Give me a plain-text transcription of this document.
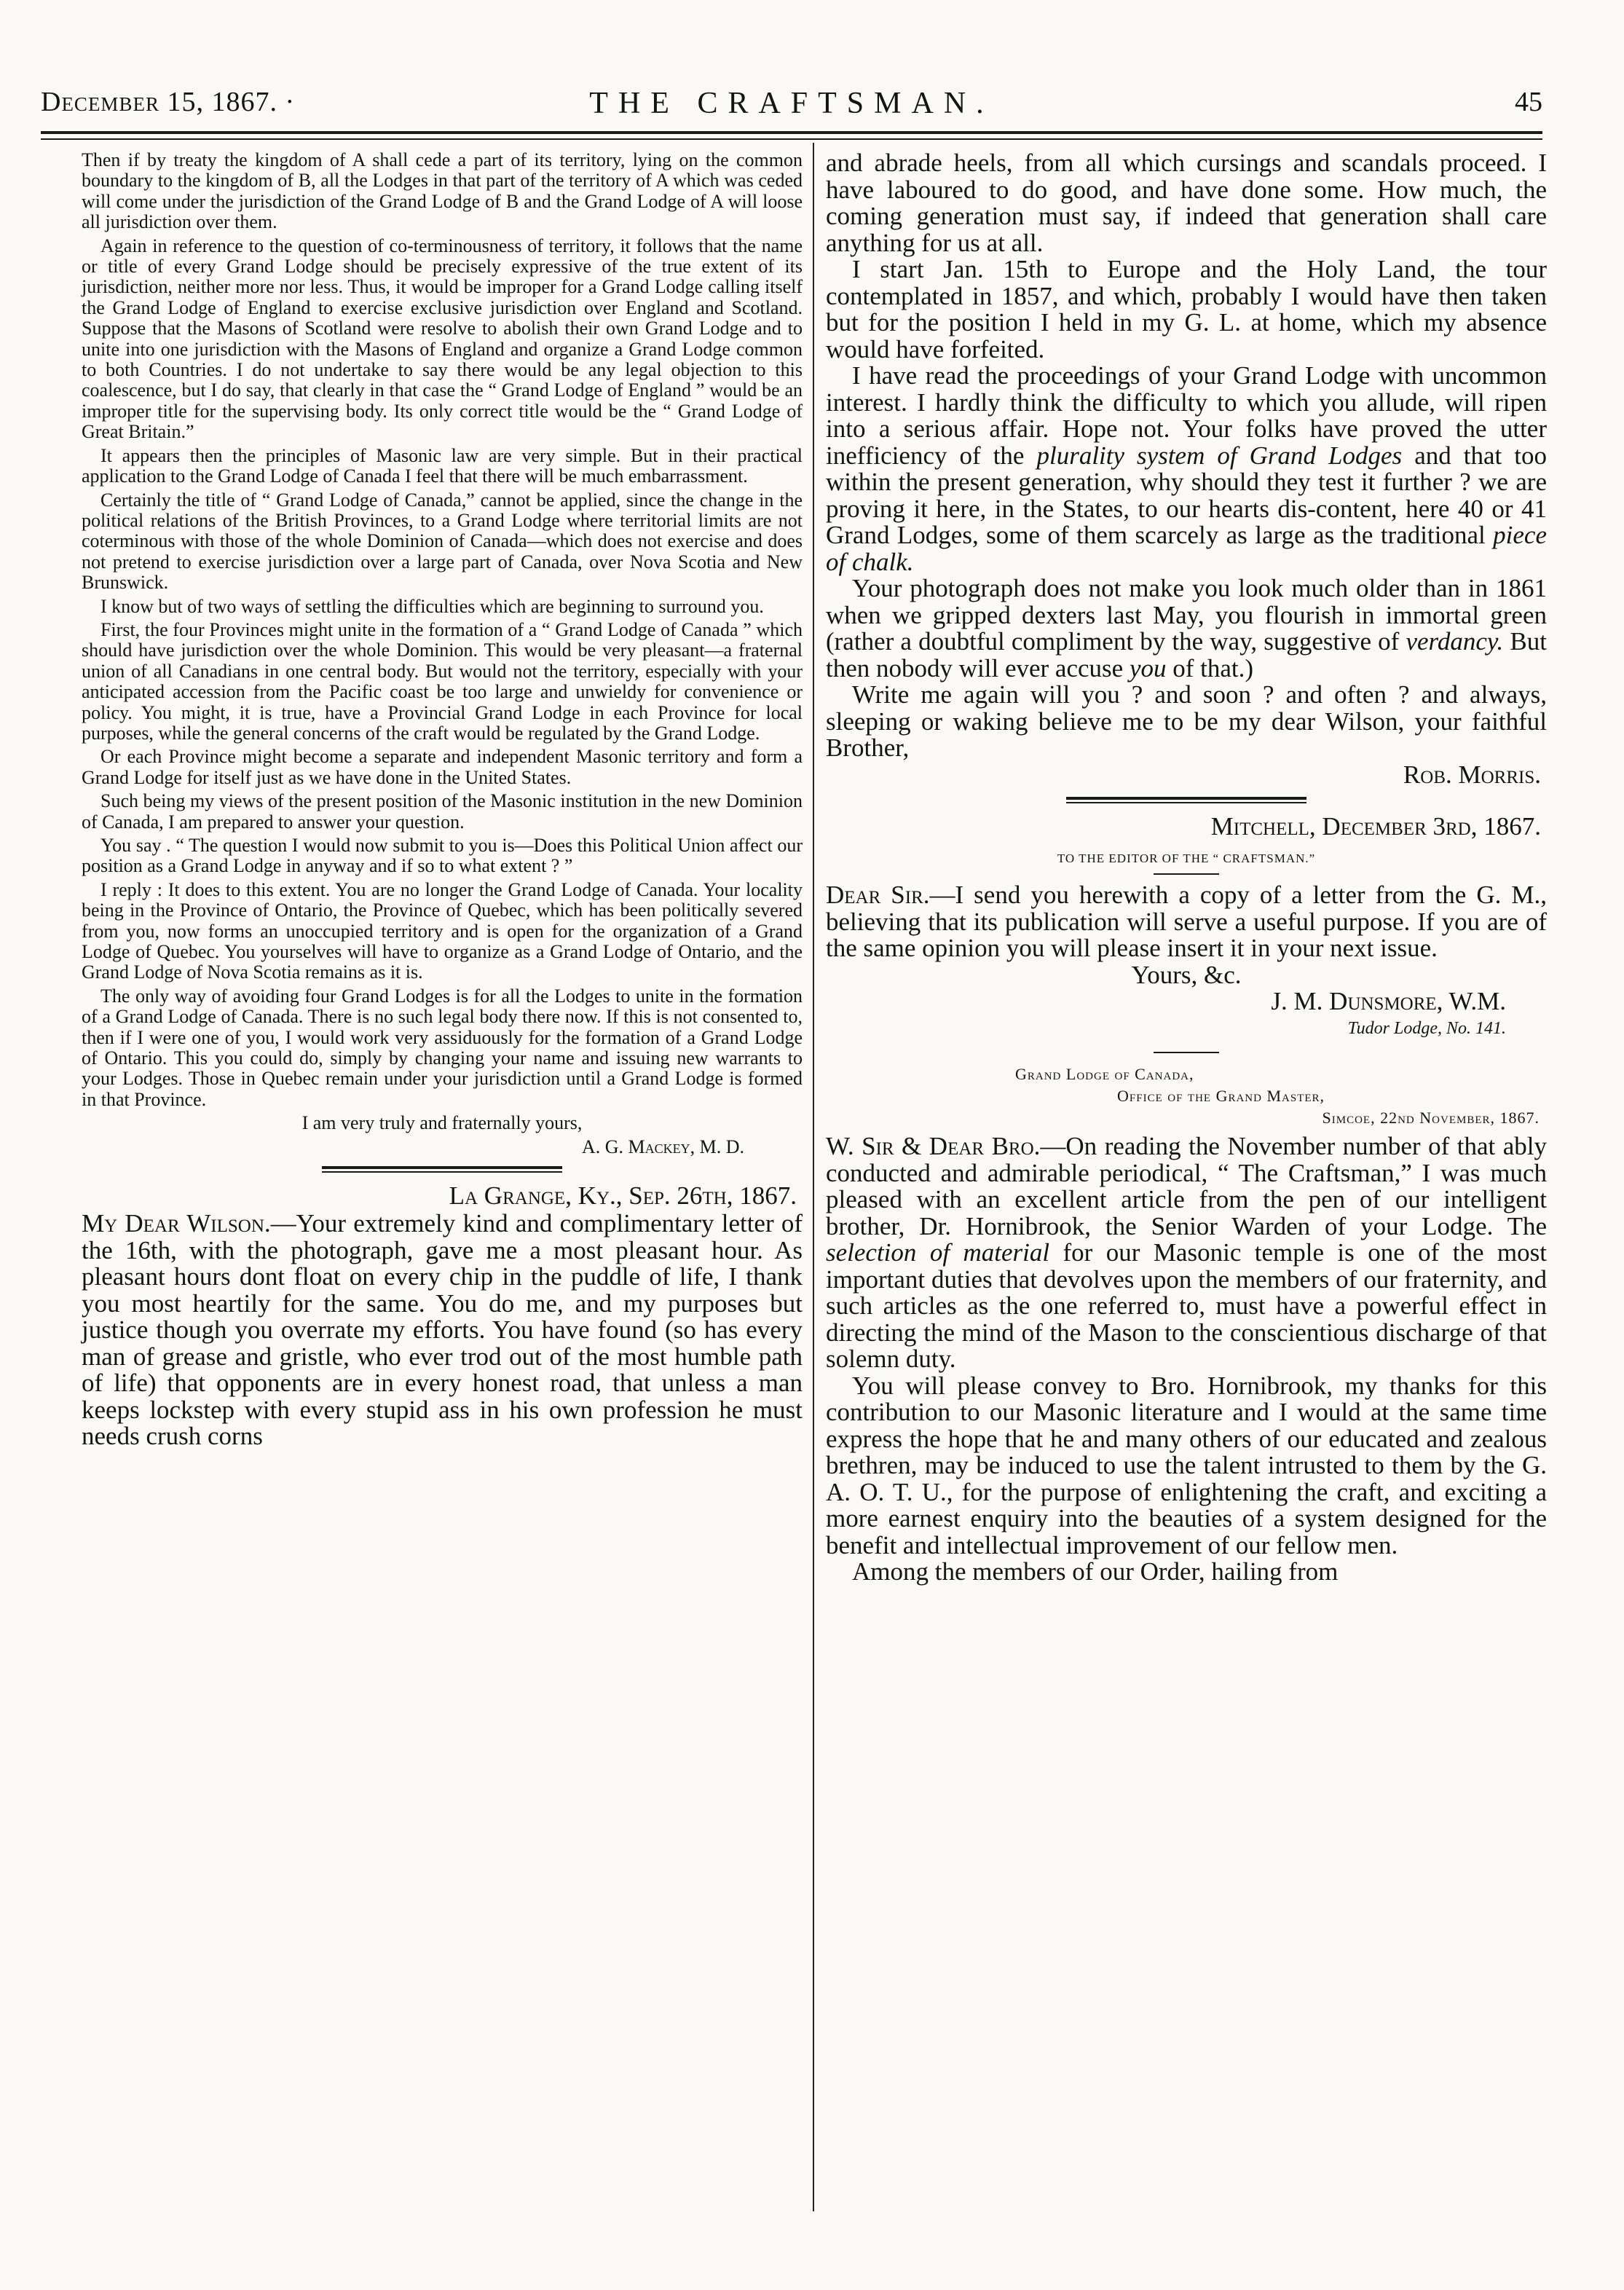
December 15, 1867. ·	THE CRAFTSMAN.	45

Then if by treaty the kingdom of A shall cede a part of its territory, lying on the common boundary to the kingdom of B, all the Lodges in that part of the territory of A which was ceded will come under the jurisdiction of the Grand Lodge of B and the Grand Lodge of A will loose all jurisdiction over them.

Again in reference to the question of co-terminousness of territory, it follows that the name or title of every Grand Lodge should be precisely expressive of the true extent of its jurisdiction, neither more nor less. Thus, it would be improper for a Grand Lodge calling itself the Grand Lodge of England to exercise exclusive jurisdiction over England and Scotland. Suppose that the Masons of Scotland were resolve to abolish their own Grand Lodge and to unite into one jurisdiction with the Masons of England and organize a Grand Lodge common to both Countries. I do not undertake to say there would be any legal objection to this coalescence, but I do say, that clearly in that case the “ Grand Lodge of England ” would be an improper title for the supervising body. Its only correct title would be the “ Grand Lodge of Great Britain.”

It appears then the principles of Masonic law are very simple. But in their practical application to the Grand Lodge of Canada I feel that there will be much embarrassment.

Certainly the title of “ Grand Lodge of Canada,” cannot be applied, since the change in the political relations of the British Provinces, to a Grand Lodge where territorial limits are not coterminous with those of the whole Dominion of Canada—which does not exercise and does not pretend to exercise jurisdiction over a large part of Canada, over Nova Scotia and New Brunswick.

I know but of two ways of settling the difficulties which are beginning to surround you.

First, the four Provinces might unite in the formation of a “ Grand Lodge of Canada ” which should have jurisdiction over the whole Dominion. This would be very pleasant—a fraternal union of all Canadians in one central body. But would not the territory, especially with your anticipated accession from the Pacific coast be too large and unwieldy for convenience or policy. You might, it is true, have a Provincial Grand Lodge in each Province for local purposes, while the general concerns of the craft would be regulated by the Grand Lodge.

Or each Province might become a separate and independent Masonic territory and form a Grand Lodge for itself just as we have done in the United States.

Such being my views of the present position of the Masonic institution in the new Dominion of Canada, I am prepared to answer your question.

You say . “ The question I would now submit to you is—Does this Political Union affect our position as a Grand Lodge in anyway and if so to what extent ? ”

I reply : It does to this extent. You are no longer the Grand Lodge of Canada. Your locality being in the Province of Ontario, the Province of Quebec, which has been politically severed from you, now forms an unoccupied territory and is open for the organization of a Grand Lodge of Quebec. You yourselves will have to organize as a Grand Lodge of Ontario, and the Grand Lodge of Nova Scotia remains as it is.

The only way of avoiding four Grand Lodges is for all the Lodges to unite in the formation of a Grand Lodge of Canada. There is no such legal body there now. If this is not consented to, then if I were one of you, I would work very assiduously for the formation of a Grand Lodge of Ontario. This you could do, simply by changing your name and issuing new warrants to your Lodges. Those in Quebec remain under your jurisdiction until a Grand Lodge is formed in that Province.

I am very truly and fraternally yours,

A. G. Mackey, M. D.

La Grange, Ky., Sep. 26th, 1867.

My Dear Wilson.—Your extremely kind and complimentary letter of the 16th, with the photograph, gave me a most pleasant hour. As pleasant hours dont float on every chip in the puddle of life, I thank you most heartily for the same. You do me, and my purposes but justice though you overrate my efforts. You have found (so has every man of grease and gristle, who ever trod out of the most humble path of life) that opponents are in every honest road, that unless a man keeps lockstep with every stupid ass in his own profession he must needs crush corns

and abrade heels, from all which cursings and scandals proceed. I have laboured to do good, and have done some. How much, the coming generation must say, if indeed that generation shall care anything for us at all.

I start Jan. 15th to Europe and the Holy Land, the tour contemplated in 1857, and which, probably I would have then taken but for the position I held in my G. L. at home, which my absence would have forfeited.

I have read the proceedings of your Grand Lodge with uncommon interest. I hardly think the difficulty to which you allude, will ripen into a serious affair. Hope not. Your folks have proved the utter inefficiency of the plurality system of Grand Lodges and that too within the present generation, why should they test it further ? we are proving it here, in the States, to our hearts dis-content, here 40 or 41 Grand Lodges, some of them scarcely as large as the traditional piece of chalk.

Your photograph does not make you look much older than in 1861 when we gripped dexters last May, you flourish in immortal green (rather a doubtful compliment by the way, suggestive of verdancy. But then nobody will ever accuse you of that.)

Write me again will you ? and soon ? and often ? and always, sleeping or waking believe me to be my dear Wilson, your faithful Brother,

Rob. Morris.

Mitchell, December 3rd, 1867.
TO THE EDITOR OF THE “ CRAFTSMAN.”

Dear Sir.—I send you herewith a copy of a letter from the G. M., believing that its publication will serve a useful purpose. If you are of the same opinion you will please insert it in your next issue.

Yours, &c.

J. M. Dunsmore, W.M.

Tudor Lodge, No. 141.

Grand Lodge of Canada,
Office of the Grand Master,
Simcoe, 22nd November, 1867.

W. Sir & Dear Bro.—On reading the November number of that ably conducted and admirable periodical, “ The Craftsman,” I was much pleased with an excellent article from the pen of our intelligent brother, Dr. Hornibrook, the Senior Warden of your Lodge. The selection of material for our Masonic temple is one of the most important duties that devolves upon the members of our fraternity, and such articles as the one referred to, must have a powerful effect in directing the mind of the Mason to the conscientious discharge of that solemn duty.

You will please convey to Bro. Hornibrook, my thanks for this contribution to our Masonic literature and I would at the same time express the hope that he and many others of our educated and zealous brethren, may be induced to use the talent intrusted to them by the G. A. O. T. U., for the purpose of enlightening the craft, and exciting a more earnest enquiry into the beauties of a system designed for the benefit and intellectual improvement of our fellow men.

Among the members of our Order, hailing from
